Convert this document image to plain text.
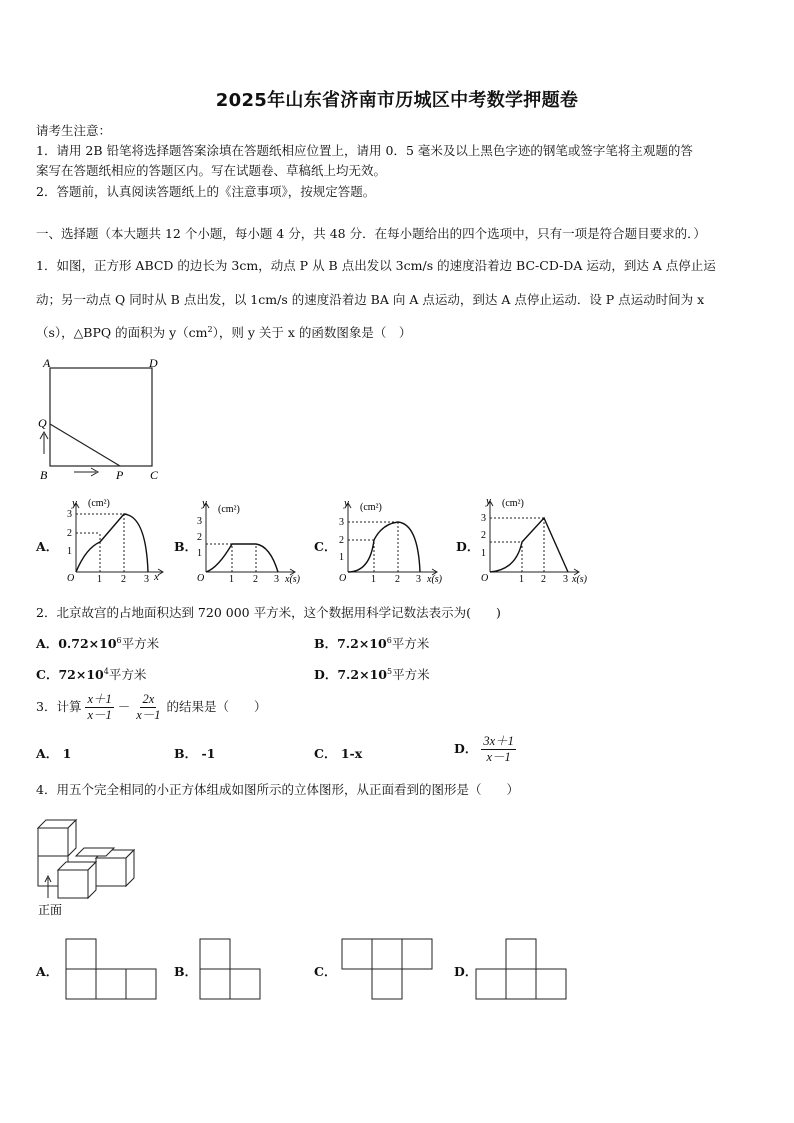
2025年山东省济南市历城区中考数学押题卷
请考生注意：
1．请用 2B 铅笔将选择题答案涂填在答题纸相应位置上，请用 0．5 毫米及以上黑色字迹的钢笔或签字笔将主观题的答
案写在答题纸相应的答题区内。写在试题卷、草稿纸上均无效。
2．答题前，认真阅读答题纸上的《注意事项》，按规定答题。
一、选择题（本大题共 12 个小题，每小题 4 分，共 48 分．在每小题给出的四个选项中，只有一项是符合题目要求的．）
1．如图，正方形 ABCD 的边长为 3cm，动点 P 从 B 点出发以 3cm/s 的速度沿着边 BC-CD-DA 运动，到达 A 点停止运
动；另一动点 Q 同时从 B 点出发，以 1cm/s 的速度沿着边 BA 向 A 点运动，到达 A 点停止运动．设 P 点运动时间为 x
（s），△BPQ 的面积为 $y(cm^2)$，则 y 关于 x 的函数图象是（　）
A	D
Q
B	P C
A．
y (cm²)
3
2
1
O 1 2 3 x
B．
y
(cm²)
3
2
1
O 1 2 3 x(s)
C．
y (cm²)
3
2
1
O 1 2 3 x(s)
D．
y (cm²)
3
2
1
O	1 2 3 x(s)
2．北京故宫的占地面积达到 720 000 平方米，这个数据用科学记数法表示为(　　)
A．$0.72\times 10^6$平方米	B．$7.2\times 10^6$平方米
C．$72\times 10^4$平方米	D．$7.2\times 10^5$平方米
3．计算 $\frac{x+1}{x-1} - \frac{2x}{x-1}$ 的结果是（　　）
A． 1	B． -1	C． 1-x	D． $\frac{3x+1}{x-1}$
4．用五个完全相同的小正方体组成如图所示的立体图形，从正面看到的图形是（　　）
正面
A．	B．	C．	D．
